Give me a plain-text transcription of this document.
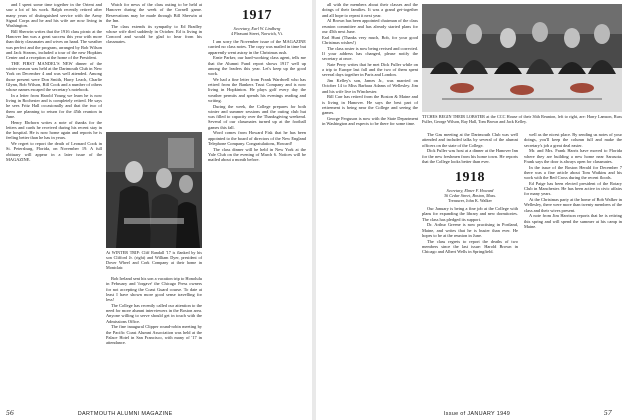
and I spent some time together in the Orient and saw a lot of his work. Ralph recently retired after many years of distinguished service with the Army Signal Corps and he and his wife are now living in Washington.

Bill Sherwin writes that the 1916 class picnic at the Hanover Inn was a great success this year with more than thirty classmates and wives on hand. The weather was perfect and the program, arranged by Bob Wilson and Jack Stearns, included a tour of the new Hopkins Center and a reception at the home of the President.

THE FIRST MANDEL'S NEW dinner of the winter season was held at the Dartmouth Club in New York on December 4 and was well attended. Among those present were Don Smith, Harry Leach, Charlie Glynn, Bob Wilson, Bill Cook and a number of others whose names escaped the secretary's notebook.

In a letter from Harold Young we learn he is now living in Rochester and is completely retired. He says he sees Fritz Hall occasionally and that the two of them are planning to return for the 45th reunion in June.

Henry Ehrhorn writes a note of thanks for the letters and cards he received during his recent stay in the hospital. He is now home again and reports he is feeling better than he has in years.

We regret to report the death of Leonard Cook in St. Petersburg, Florida, on November 19. A full obituary will appear in a later issue of the MAGAZINE.

Watch for news of the class outing to be held at Hanover during the week of the Cornell game. Reservations may be made through Bill Sherwin at the Inn.

The class extends its sympathy to Ed Bradley whose wife died suddenly in October. Ed is living in Concord and would be glad to hear from his classmates.

At WINTER TRIP: Cliff Randall '17 is flanked by his son Clifford Jr. (right) and William Dyer, president of Dover Wheel and Cork Company at their home in Montclair.

Bob Ireland sent his son a vacation trip to Honolulu in February and 'forgave' the Chicago Press owners for not accepting the Coast Guard course. To date at least I have shown more good sense travelling for less!

The College has recently called our attention to the need for more alumni interviewers in the Boston area. Anyone willing to serve should get in touch with the Admissions Office.

The fine inaugural Clipper round-robin meeting by the Pacific Coast Alumni Association was held at the Palace Hotel in San Francisco, with many of '17 in attendance.

1917
Secretary, Earl W. Lindberg
4 Pleasant Street, Norwich, Vt.

I am sorry the November issue of the MAGAZINE carried no class notes. The copy was mailed in time but apparently went astray in the Christmas rush.

Ernie Parker, our hard-working class agent, tells me that the Alumni Fund report shows 1917 well up among the leaders this year. Let's keep up the good work.

We had a fine letter from Frank Wardwell who has retired from the Bankers Trust Company and is now living in Hopkinton. He plays golf every day the weather permits and spends his evenings reading and writing.

During the week, the College prepares for both winter and summer sessions and the outing club hut was filled to capacity over the Thanksgiving weekend. Several of our classmates turned up at the football games this fall.

Word comes from Howard Fisk that he has been appointed to the board of directors of the New England Telephone Company. Congratulations, Howard!

The class dinner will be held in New York at the Yale Club on the evening of March 6. Notices will be mailed about a month before.

56	DARTMOUTH ALUMNI MAGAZINE

all with the members about their classes and the doings of their families. It was a grand get-together and all hope to repeat it next year.

Al Brown has been appointed chairman of the class reunion committee and has already started plans for our 45th next June.

Earl Hunt (Thanks very much, Bob, for your good Christmas wishes!)

The class roster is now being revised and corrected. If your address has changed, please notify the secretary at once.

Nate Perry writes that he met Dick Fuller while on a trip to Europe last fall and the two of them spent several days together in Paris and London.

Jim Kelley's son, James Jr., was married on October 14 to Miss Barbara Adams of Wellesley. Jim and his wife live in Winchester.

Bill Carr has retired from the Boston & Maine and is living in Hanover. He says the best part of retirement is being near the College and seeing the games.

George Ferguson is now with the State Department in Washington and expects to be there for some time.

'ITCHES BEGIN THEIR LOBSTER at the CCC House of their 36th Reunion, left to right, are: Harry Lamson, Russ Fuller, George Wilson, Ray Hall, Tom Brown and Jack Kelley.

The Gas meeting at the Dartmouth Club was well attended and included talks by several of the alumni officers on the state of the College.

Dick Fuller was host at a dinner at the Hanover Inn for the new freshmen from his home town. He reports that the College looks better than ever.

1918
Secretary, Elmer F. Howard
36 Cedar Street, Boston, Mass.
Treasurer, John K. Walker

Our January is being a fine job at the College with plans for expanding the library and new dormitories. The class has pledged its support.

Dr. Arthur Greene is now practising in Portland, Maine, and writes that he is busier than ever. He hopes to be at the reunion in June.

The class regrets to report the deaths of two members since the last issue: Harold Brown in Chicago and Albert Wells in Springfield.

well as the nicest place. By sending us notes of your doings, you'll keep the column full and make the secretary's job a great deal easier.

Mr. and Mrs. Frank Harris have moved to Florida where they are building a new home near Sarasota. Frank says the door is always open for classmates.

In the issue of the Boston Herald for December 7 there was a fine article about Tom Watkins and his work with the Red Cross during the recent floods.

Ed Paige has been elected president of the Rotary Club in Manchester. He has been active in civic affairs for many years.

At the Christmas party at the home of Bob Walker in Wellesley, there were more than twenty members of the class and their wives present.

A note from Jim Harrison reports that he is retiring this spring and will spend the summer at his camp in Maine.

Issue of JANUARY 1949	57
